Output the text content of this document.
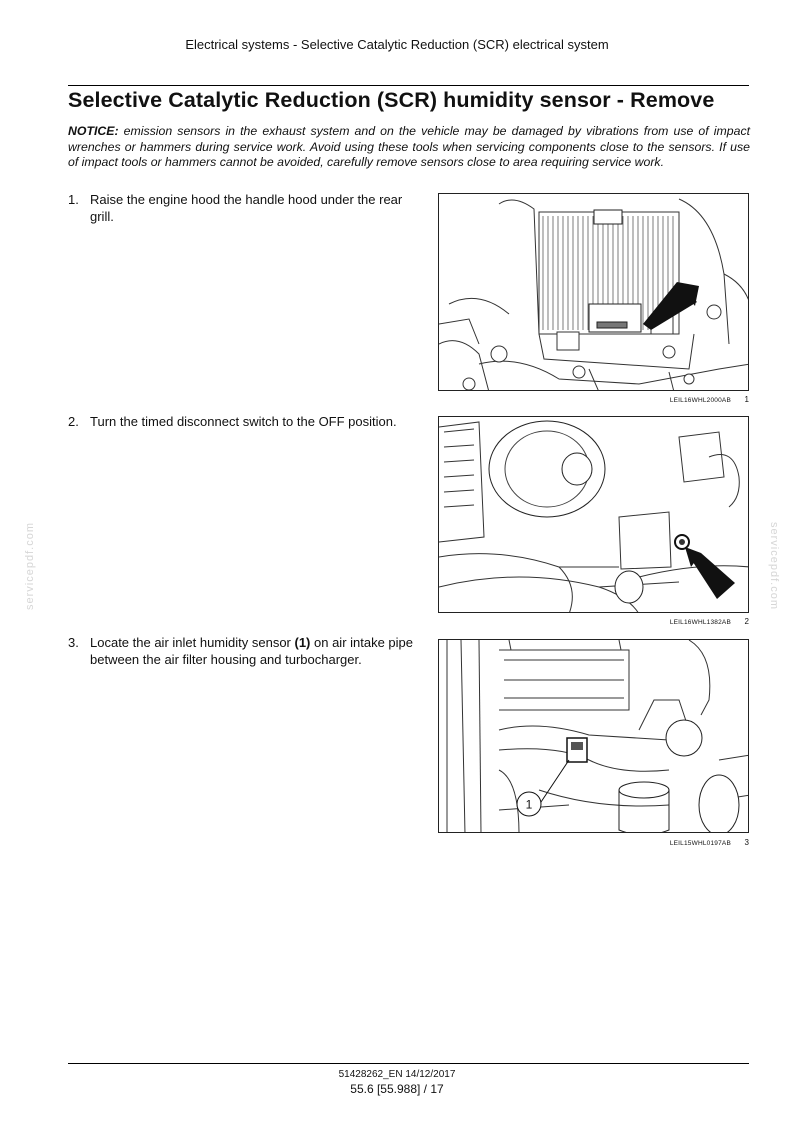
Electrical systems - Selective Catalytic Reduction (SCR) electrical system
Selective Catalytic Reduction (SCR) humidity sensor - Remove

NOTICE: emission sensors in the exhaust system and on the vehicle may be damaged by vibrations from use of impact wrenches or hammers during service work. Avoid using these tools when servicing components close to the sensors. If use of impact tools or hammers cannot be avoided, carefully remove sensors close to area requiring service work.

1. Raise the engine hood the handle hood under the rear grill.
LEIL16WHL2000AB 1
2. Turn the timed disconnect switch to the OFF position.
LEIL16WHL1382AB 2
3. Locate the air inlet humidity sensor (1) on air intake pipe between the air filter housing and turbocharger.
1
LEIL15WHL0197AB 3
servicepdf.com	servicepdf.com
51428262_EN 14/12/2017
55.6 [55.988] / 17
